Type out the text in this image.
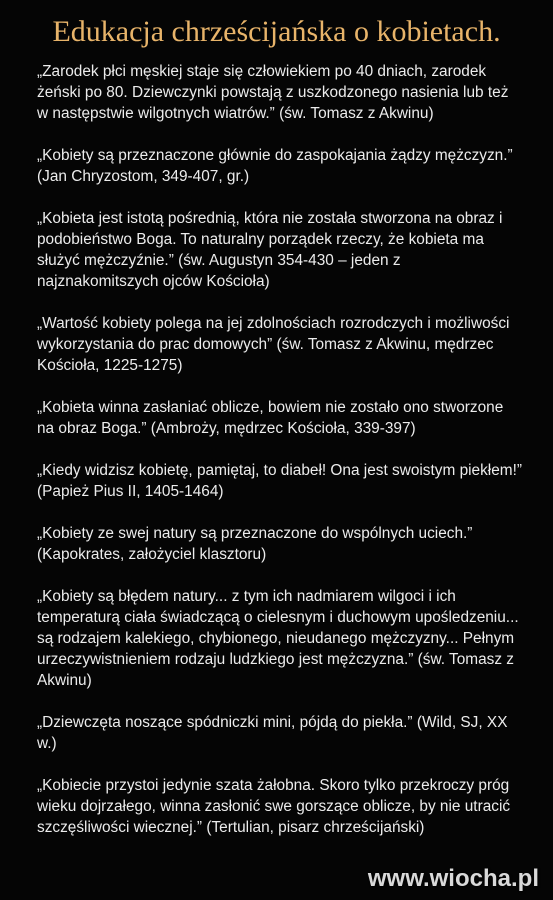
Edukacja chrześcijańska o kobietach.

„Zarodek płci męskiej staje się człowiekiem po 40 dniach, zarodek żeński po 80. Dziewczynki powstają z uszkodzonego nasienia lub też w następstwie wilgotnych wiatrów.” (św. Tomasz z Akwinu)

„Kobiety są przeznaczone głównie do zaspokajania żądzy mężczyzn.” (Jan Chryzostom, 349-407, gr.)

„Kobieta jest istotą pośrednią, która nie została stworzona na obraz i podobieństwo Boga. To naturalny porządek rzeczy, że kobieta ma służyć mężczyźnie.” (św. Augustyn 354-430 – jeden z najznakomitszych ojców Kościoła)

„Wartość kobiety polega na jej zdolnościach rozrodczych i możliwości wykorzystania do prac domowych” (św. Tomasz z Akwinu, mędrzec Kościoła, 1225-1275)

„Kobieta winna zasłaniać oblicze, bowiem nie zostało ono stworzone na obraz Boga.” (Ambroży, mędrzec Kościoła, 339-397)

„Kiedy widzisz kobietę, pamiętaj, to diabeł! Ona jest swoistym piekłem!” (Papież Pius II, 1405-1464)

„Kobiety ze swej natury są przeznaczone do wspólnych uciech.” (Kapokrates, założyciel klasztoru)

„Kobiety są błędem natury... z tym ich nadmiarem wilgoci i ich temperaturą ciała świadczącą o cielesnym i duchowym upośledzeniu... są rodzajem kalekiego, chybionego, nieudanego mężczyzny... Pełnym urzeczywistnieniem rodzaju ludzkiego jest mężczyzna.” (św. Tomasz z Akwinu)

„Dziewczęta noszące spódniczki mini, pójdą do piekła.” (Wild, SJ, XX w.)

„Kobiecie przystoi jedynie szata żałobna. Skoro tylko przekroczy próg wieku dojrzałego, winna zasłonić swe gorszące oblicze, by nie utracić szczęśliwości wiecznej.” (Tertulian, pisarz chrześcijański)

www.wiocha.pl
